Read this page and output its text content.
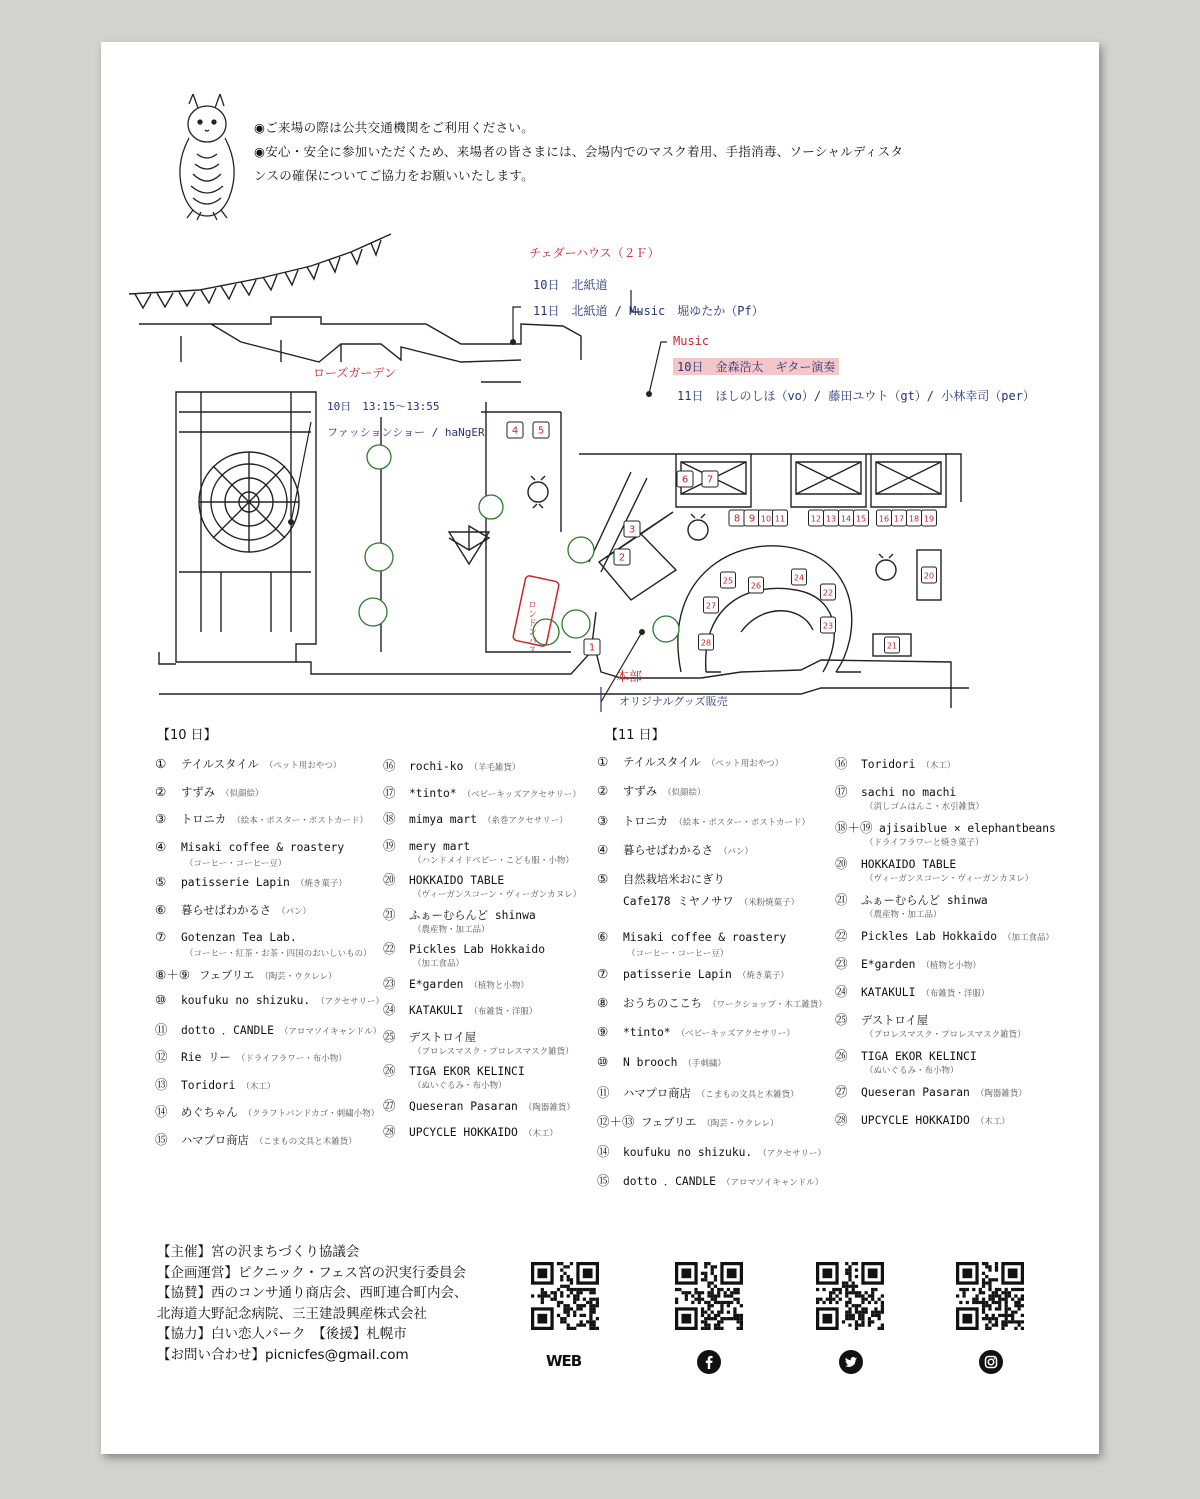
◉ご来場の際は公共交通機関をご利用ください。
◉安心・安全に参加いただくため、来場者の皆さまには、会場内でのマスク着用、手指消毒、ソーシャルディスタ
ンスの確保についてご協力をお願いいたします。
ロンドンバス	1
2
3
4 5
6 7
8 9 10 11	12 13 14 15 16 17 18 19
20
21
22
23
24
25
26
27
28
チェダーハウス（２Ｆ）
10日　北紙道
11日　北紙道 / Music　堀ゆたか（Pf）
Music
10日　金森浩太　ギター演奏
11日　ほしのしほ（vo）/ 藤田ユウト（gt）/ 小林幸司（per）
ローズガーデン
10日　13:15～13:55
ファッションショー / haNgER
本部
オリジナルグッズ販売
【10 日】
① テイルスタイル （ペット用おやつ）
② すずみ （似顔絵）
③ トロニカ （絵本・ポスター・ポストカード）
④ Misaki coffee & roastery
（コーヒー・コーヒー豆）
⑤ patisserie Lapin （焼き菓子）
⑥ 暮らせばわかるさ （パン）
⑦ Gotenzan Tea Lab.
（コーヒー・紅茶・お茶・四国のおいしいもの）
⑧＋⑨ フェブリエ （陶芸・ウクレレ）
⑩ koufuku no shizuku. （アクセサリー）
⑪ dotto ．CANDLE （アロマソイキャンドル）
⑫ Rie リー （ドライフラワー・布小物）
⑬ Toridori （木工）
⑭ めぐちゃん （クラフトバンドカゴ・刺繍小物）
⑮ ハマプロ商店 （こまもの文具と木雑貨）
⑯ rochi-ko （羊毛雑貨）
⑰ *tinto* （ベビーキッズアクセサリー）
⑱ mimya mart （糸巻アクセサリー）
⑲ mery mart
（ハンドメイドベビー・こども服・小物）
⑳ HOKKAIDO TABLE
（ヴィーガンスコーン・ヴィーガンカヌレ）
㉑ ふぁーむらんど shinwa
（農産物・加工品）
㉒ Pickles Lab Hokkaido
（加工食品）
㉓ E*garden （植物と小物）
㉔ KATAKULI （布雑貨・洋服）
㉕ デストロイ屋
（プロレスマスク・プロレスマスク雑貨）
㉖ TIGA EKOR KELINCI
（ぬいぐるみ・布小物）
㉗ Queseran Pasaran （陶器雑貨）
㉘ UPCYCLE HOKKAIDO （木工）
【11 日】
① テイルスタイル （ペット用おやつ）
② すずみ （似顔絵）
③ トロニカ （絵本・ポスター・ポストカード）
④ 暮らせばわかるさ （パン）
⑤ 自然栽培米おにぎり
Cafe178 ミヤノサワ （米粉焼菓子）
⑥ Misaki coffee & roastery
（コーヒー・コーヒー豆）
⑦ patisserie Lapin （焼き菓子）
⑧ おうちのここち （ワークショップ・木工雑貨）
⑨ *tinto* （ベビーキッズアクセサリー）
⑩ N brooch （手刺繍）
⑪ ハマプロ商店 （こまもの文具と木雑貨）
⑫＋⑬ フェブリエ （陶芸・ウクレレ）
⑭ koufuku no shizuku. （アクセサリー）
⑮ dotto ．CANDLE （アロマソイキャンドル）
⑯ Toridori （木工）
⑰ sachi no machi
（消しゴムはんこ・水引雑貨）
⑱＋⑲ ajisaiblue × elephantbeans
（ドライフラワーと焼き菓子）
⑳ HOKKAIDO TABLE
（ヴィーガンスコーン・ヴィーガンカヌレ）
㉑ ふぁーむらんど shinwa
（農産物・加工品）
㉒ Pickles Lab Hokkaido （加工食品）
㉓ E*garden （植物と小物）
㉔ KATAKULI （布雑貨・洋服）
㉕ デストロイ屋
（プロレスマスク・プロレスマスク雑貨）
㉖ TIGA EKOR KELINCI
（ぬいぐるみ・布小物）
㉗ Queseran Pasaran （陶器雑貨）
㉘ UPCYCLE HOKKAIDO （木工）
【主催】宮の沢まちづくり協議会
【企画運営】ピクニック・フェス宮の沢実行委員会
【協賛】西のコンサ通り商店会、西町連合町内会、
北海道大野記念病院、三王建設興産株式会社
【協力】白い恋人パーク　【後援】札幌市
【お問い合わせ】picnicfes@gmail.com	WEB
